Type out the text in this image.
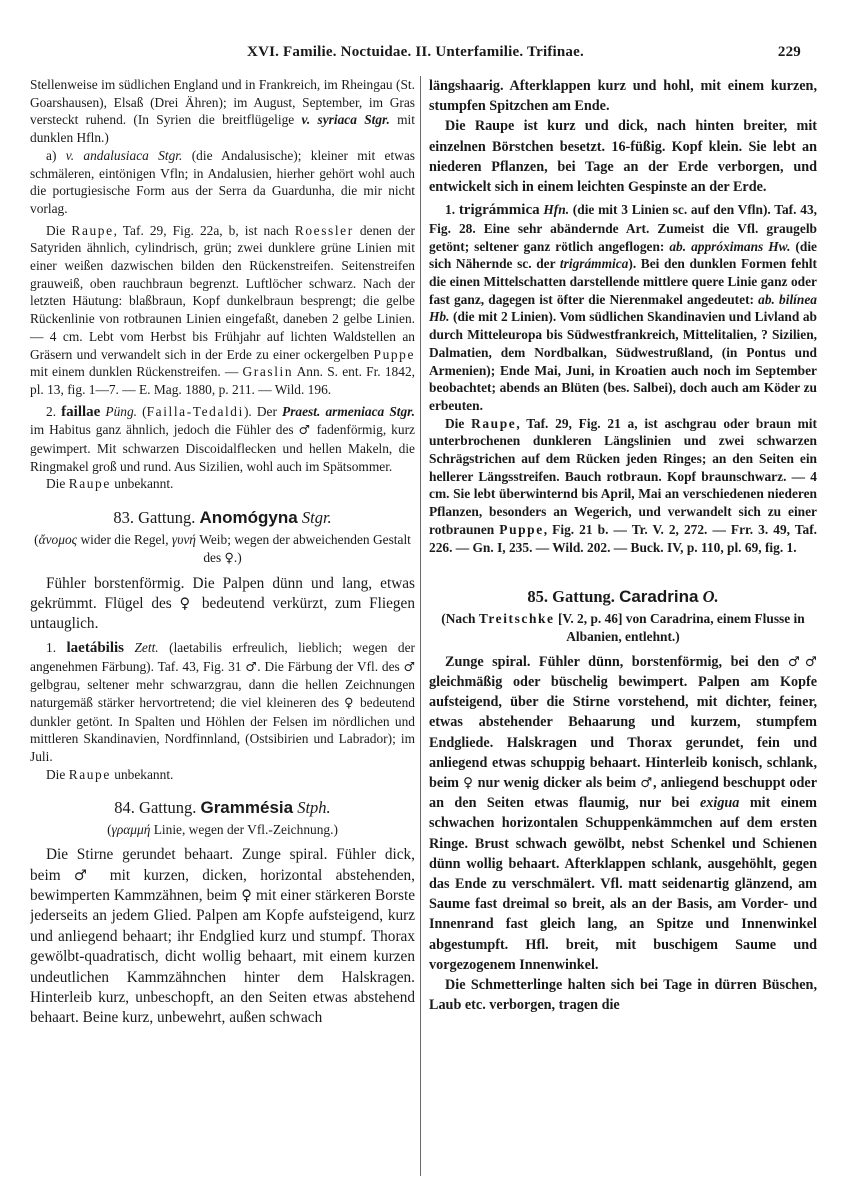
XVI. Familie. Noctuidae. II. Unterfamilie. Trifinae.	229

Stellenweise im südlichen England und in Frankreich, im Rheingau (St. Goarshausen), Elsaß (Drei Ähren); im August, September, im Gras versteckt ruhend. (In Syrien die breitflügelige v. syriaca Stgr. mit dunklen Hfln.)

a) v. andalusiaca Stgr. (die Andalusische); kleiner mit etwas schmäleren, eintönigen Vfln; in Andalusien, hierher gehört wohl auch die portugiesische Form aus der Serra da Guardunha, die mir nicht vorlag.

Die Raupe, Taf. 29, Fig. 22a, b, ist nach Roessler denen der Satyriden ähnlich, cylindrisch, grün; zwei dunklere grüne Linien mit einer weißen dazwischen bilden den Rückenstreifen. Seitenstreifen grauweiß, oben rauchbraun begrenzt. Luftlöcher schwarz. Nach der letzten Häutung: blaßbraun, Kopf dunkelbraun besprengt; die gelbe Rückenlinie von rotbraunen Linien eingefaßt, daneben 2 gelbe Linien. — 4 cm. Lebt vom Herbst bis Frühjahr auf lichten Waldstellen an Gräsern und verwandelt sich in der Erde zu einer ockergelben Puppe mit einem dunklen Rückenstreifen. — Graslin Ann. S. ent. Fr. 1842, pl. 13, fig. 1—7. — E. Mag. 1880, p. 211. — Wild. 196.

2. faillae Püng. (Failla-Tedaldi). Der Praest. armeniaca Stgr. im Habitus ganz ähnlich, jedoch die Fühler des ♂ fadenförmig, kurz gewimpert. Mit schwarzen Discoidalflecken und hellen Makeln, die Ringmakel groß und rund. Aus Sizilien, wohl auch im Spätsommer.

Die Raupe unbekannt.

83. Gattung. Anomógyna Stgr.

(ἄνομος wider die Regel, γυνή Weib; wegen der abweichenden Gestalt des ♀.)

Fühler borstenförmig. Die Palpen dünn und lang, etwas gekrümmt. Flügel des ♀ bedeutend verkürzt, zum Fliegen untauglich.

1. laetábilis Zett. (laetabilis erfreulich, lieblich; wegen der angenehmen Färbung). Taf. 43, Fig. 31 ♂. Die Färbung der Vfl. des ♂ gelbgrau, seltener mehr schwarzgrau, dann die hellen Zeichnungen naturgemäß stärker hervortretend; die viel kleineren des ♀ bedeutend dunkler getönt. In Spalten und Höhlen der Felsen im nördlichen und mittleren Skandinavien, Nordfinnland, (Ostsibirien und Labrador); im Juli.

Die Raupe unbekannt.

84. Gattung. Grammésia Stph.

(γραμμή Linie, wegen der Vfl.-Zeichnung.)

Die Stirne gerundet behaart. Zunge spiral. Fühler dick, beim ♂ mit kurzen, dicken, horizontal abstehenden, bewimperten Kammzähnen, beim ♀ mit einer stärkeren Borste jederseits an jedem Glied. Palpen am Kopfe aufsteigend, kurz und anliegend behaart; ihr Endglied kurz und stumpf. Thorax gewölbt-quadratisch, dicht wollig behaart, mit einem kurzen undeutlichen Kammzähnchen hinter dem Halskragen. Hinterleib kurz, unbeschopft, an den Seiten etwas abstehend behaart. Beine kurz, unbewehrt, außen schwach

längshaarig. Afterklappen kurz und hohl, mit einem kurzen, stumpfen Spitzchen am Ende.

Die Raupe ist kurz und dick, nach hinten breiter, mit einzelnen Börstchen besetzt. 16-füßig. Kopf klein. Sie lebt an niederen Pflanzen, bei Tage an der Erde verborgen, und entwickelt sich in einem leichten Gespinste an der Erde.

1. trigrámmica Hfn. (die mit 3 Linien sc. auf den Vfln). Taf. 43, Fig. 28. Eine sehr abändernde Art. Zumeist die Vfl. graugelb getönt; seltener ganz rötlich angeflogen: ab. appróximans Hw. (die sich Nähernde sc. der trigrámmica). Bei den dunklen Formen fehlt die einen Mittelschatten darstellende mittlere quere Linie ganz oder fast ganz, dagegen ist öfter die Nierenmakel angedeutet: ab. bilínea Hb. (die mit 2 Linien). Vom südlichen Skandinavien und Livland ab durch Mitteleuropa bis Südwestfrankreich, Mittelitalien, ? Sizilien, Dalmatien, dem Nordbalkan, Südwestrußland, (in Pontus und Armenien); Ende Mai, Juni, in Kroatien auch noch im September beobachtet; abends an Blüten (bes. Salbei), doch auch am Köder zu erbeuten.

Die Raupe, Taf. 29, Fig. 21 a, ist aschgrau oder braun mit unterbrochenen dunkleren Längslinien und zwei schwarzen Schrägstrichen auf dem Rücken jeden Ringes; an den Seiten ein hellerer Längsstreifen. Bauch rotbraun. Kopf braunschwarz. — 4 cm. Sie lebt überwinternd bis April, Mai an verschiedenen niederen Pflanzen, besonders an Wegerich, und verwandelt sich zu einer rotbraunen Puppe, Fig. 21 b. — Tr. V. 2, 272. — Frr. 3. 49, Taf. 226. — Gn. I, 235. — Wild. 202. — Buck. IV, p. 110, pl. 69, fig. 1.

85. Gattung. Caradrina O.

(Nach Treitschke [V. 2, p. 46] von Caradrina, einem Flusse in Albanien, entlehnt.)

Zunge spiral. Fühler dünn, borstenförmig, bei den ♂♂ gleichmäßig oder büschelig bewimpert. Palpen am Kopfe aufsteigend, über die Stirne vorstehend, mit dichter, feiner, etwas abstehender Behaarung und kurzem, stumpfem Endgliede. Halskragen und Thorax gerundet, fein und anliegend etwas schuppig behaart. Hinterleib konisch, schlank, beim ♀ nur wenig dicker als beim ♂, anliegend beschuppt oder an den Seiten etwas flaumig, nur bei exigua mit einem schwachen horizontalen Schuppenkämmchen auf dem ersten Ringe. Brust schwach gewölbt, nebst Schenkel und Schienen dünn wollig behaart. Afterklappen schlank, ausgehöhlt, gegen das Ende zu verschmälert. Vfl. matt seidenartig glänzend, am Saume fast dreimal so breit, als an der Basis, am Vorder- und Innenrand fast gleich lang, an Spitze und Innenwinkel abgestumpft. Hfl. breit, mit buschigem Saume und vorgezogenem Innenwinkel.

Die Schmetterlinge halten sich bei Tage in dürren Büschen, Laub etc. verborgen, tragen die
